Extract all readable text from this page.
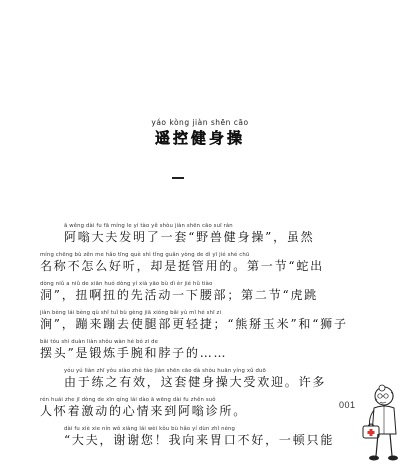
yáo kòng jiàn shēn cāo
遥控健身操
ā wěng dài fu fā míng le yí tào yě shòu jiàn shēn cāo suī rán
阿嗡大夫发明了一套“野兽健身操”，虽然
míng chēng bù zěn me hǎo tīng què shì tǐng guǎn yòng de dì yī jié shé chū
名称不怎么好听，却是挺管用的。第一节“蛇出
dòng niǔ a niǔ de xiān huó dòng yí xià yāo bù dì èr jié hǔ tiào
洞”，扭啊扭的先活动一下腰部；第二节“虎跳
jiàn bèng lái bèng qù shǐ tuǐ bù gèng jiā xióng bǎi yù mǐ hé shī zi
涧”，蹦来蹦去使腿部更轻捷；“熊掰玉米”和“狮子
bǎi tóu shì duàn liàn shǒu wàn hé bó zi de
摆头”是锻炼手腕和脖子的……
yóu yú liàn zhī yǒu xiào zhè tào jiàn shēn cāo dà shòu huān yíng xǔ duō
由于练之有效，这套健身操大受欢迎。许多
rén huái zhe jī dòng de xīn qíng lái dào ā wēng dài fu zhěn suǒ
人怀着激动的心情来到阿嗡诊所。
dài fu xiè xie nín wǒ xiàng lái wèi kǒu bù hǎo yí dùn zhǐ néng
“大夫，谢谢您！我向来胃口不好，一顿只能
001
